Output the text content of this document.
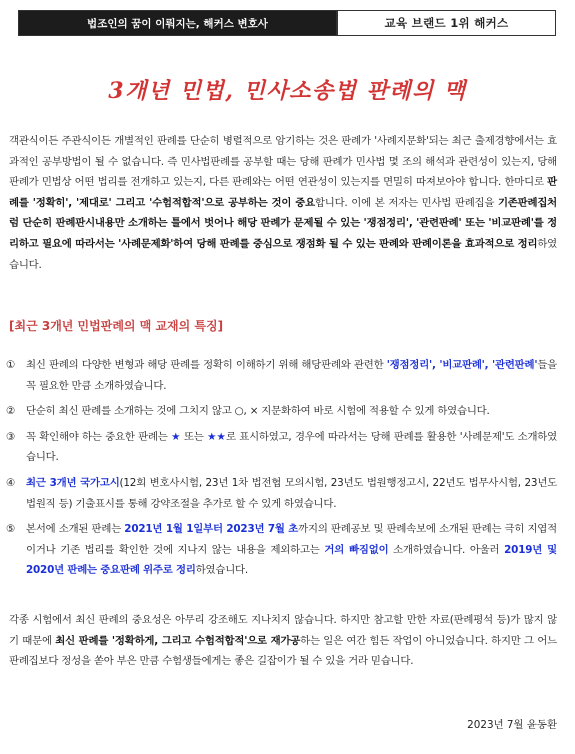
법조인의 꿈이 이뤄지는, 해커스 변호사	교육 브랜드 1위 해커스
3개년 민법, 민사소송법 판례의 맥
객관식이든 주관식이든 개별적인 판례를 단순히 병렬적으로 암기하는 것은 판례가 '사례지문화'되는 최근 출제경향에서는 효과적인 공부방법이 될 수 없습니다. 즉 민사법판례를 공부할 때는 당해 판례가 민사법 몇 조의 해석과 관련성이 있는지, 당해 판례가 민법상 어떤 법리를 전개하고 있는지, 다른 판례와는 어떤 연관성이 있는지를 면밀히 따져보아야 합니다. 한마디로 판례를 '정확히', '제대로' 그리고 '수험적합적'으로 공부하는 것이 중요합니다. 이에 본 저자는 민사법 판례집을 기존판례집처럼 단순히 판례판시내용만 소개하는 틀에서 벗어나 해당 판례가 문제될 수 있는 '쟁점정리', '관련판례' 또는 '비교판례'를 정리하고 필요에 따라서는 '사례문제화'하여 당해 판례를 중심으로 쟁점화 될 수 있는 판례와 판례이론을 효과적으로 정리하였습니다.
[최근 3개년 민법판례의 맥 교재의 특징]
①	최신 판례의 다양한 변형과 해당 판례를 정확히 이해하기 위해 해당판례와 관련한 '쟁점정리', '비교판례', '관련판례'들을 꼭 필요한 만큼 소개하였습니다.
②	단순히 최신 판례를 소개하는 것에 그치지 않고 ○, × 지문화하여 바로 시험에 적용할 수 있게 하였습니다.
③	꼭 확인해야 하는 중요한 판례는 ★ 또는 ★★로 표시하였고, 경우에 따라서는 당해 판례를 활용한 '사례문제'도 소개하였습니다.
④	최근 3개년 국가고시(12회 변호사시험, 23년 1차 법전협 모의시험, 23년도 법원행정고시, 22년도 법무사시험, 23년도 법원직 등) 기출표시를 통해 강약조절을 추가로 할 수 있게 하였습니다.
⑤	본서에 소개된 판례는 2021년 1월 1일부터 2023년 7월 초까지의 판례공보 및 판례속보에 소개된 판례는 극히 지엽적이거나 기존 법리를 확인한 것에 지나지 않는 내용을 제외하고는 거의 빠짐없이 소개하였습니다. 아울러 2019년 및 2020년 판례는 중요판례 위주로 정리하였습니다.
각종 시험에서 최신 판례의 중요성은 아무리 강조해도 지나치지 않습니다. 하지만 참고할 만한 자료(판례평석 등)가 많지 않기 때문에 최신 판례를 '정확하게, 그리고 수험적합적'으로 재가공하는 일은 여간 힘든 작업이 아니었습니다. 하지만 그 어느 판례집보다 정성을 쏟아 부은 만큼 수험생들에게는 좋은 길잡이가 될 수 있을 거라 믿습니다.
2023년 7월 윤동환
